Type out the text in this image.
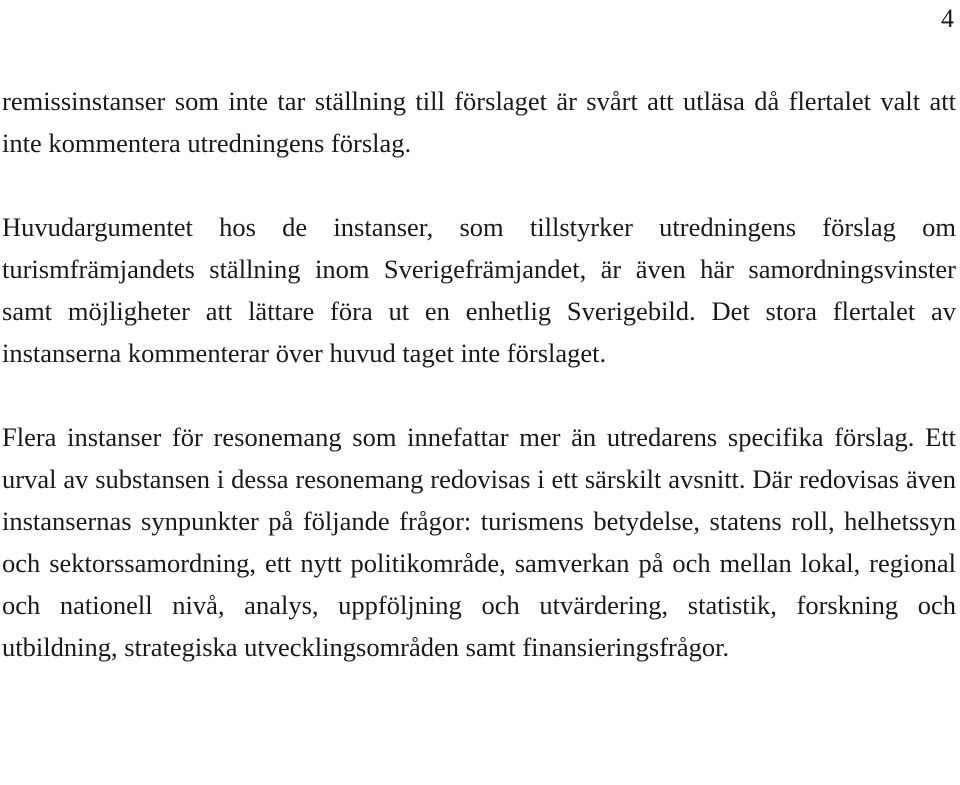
4

remissinstanser som inte tar ställning till förslaget är svårt att utläsa då flertalet valt att inte kommentera utredningens förslag.

Huvudargumentet hos de instanser, som tillstyrker utredningens förslag om turismfrämjandets ställning inom Sverigefrämjandet, är även här samordningsvinster samt möjligheter att lättare föra ut en enhetlig Sverigebild. Det stora flertalet av instanserna kommenterar över huvud taget inte förslaget.

Flera instanser för resonemang som innefattar mer än utredarens specifika förslag. Ett urval av substansen i dessa resonemang redovisas i ett särskilt avsnitt. Där redovisas även instansernas synpunkter på följande frågor: turismens betydelse, statens roll, helhetssyn och sektorssamordning, ett nytt politikområde, samverkan på och mellan lokal, regional och nationell nivå, analys, uppföljning och utvärdering, statistik, forskning och utbildning, strategiska utvecklingsområden samt finansieringsfrågor.
